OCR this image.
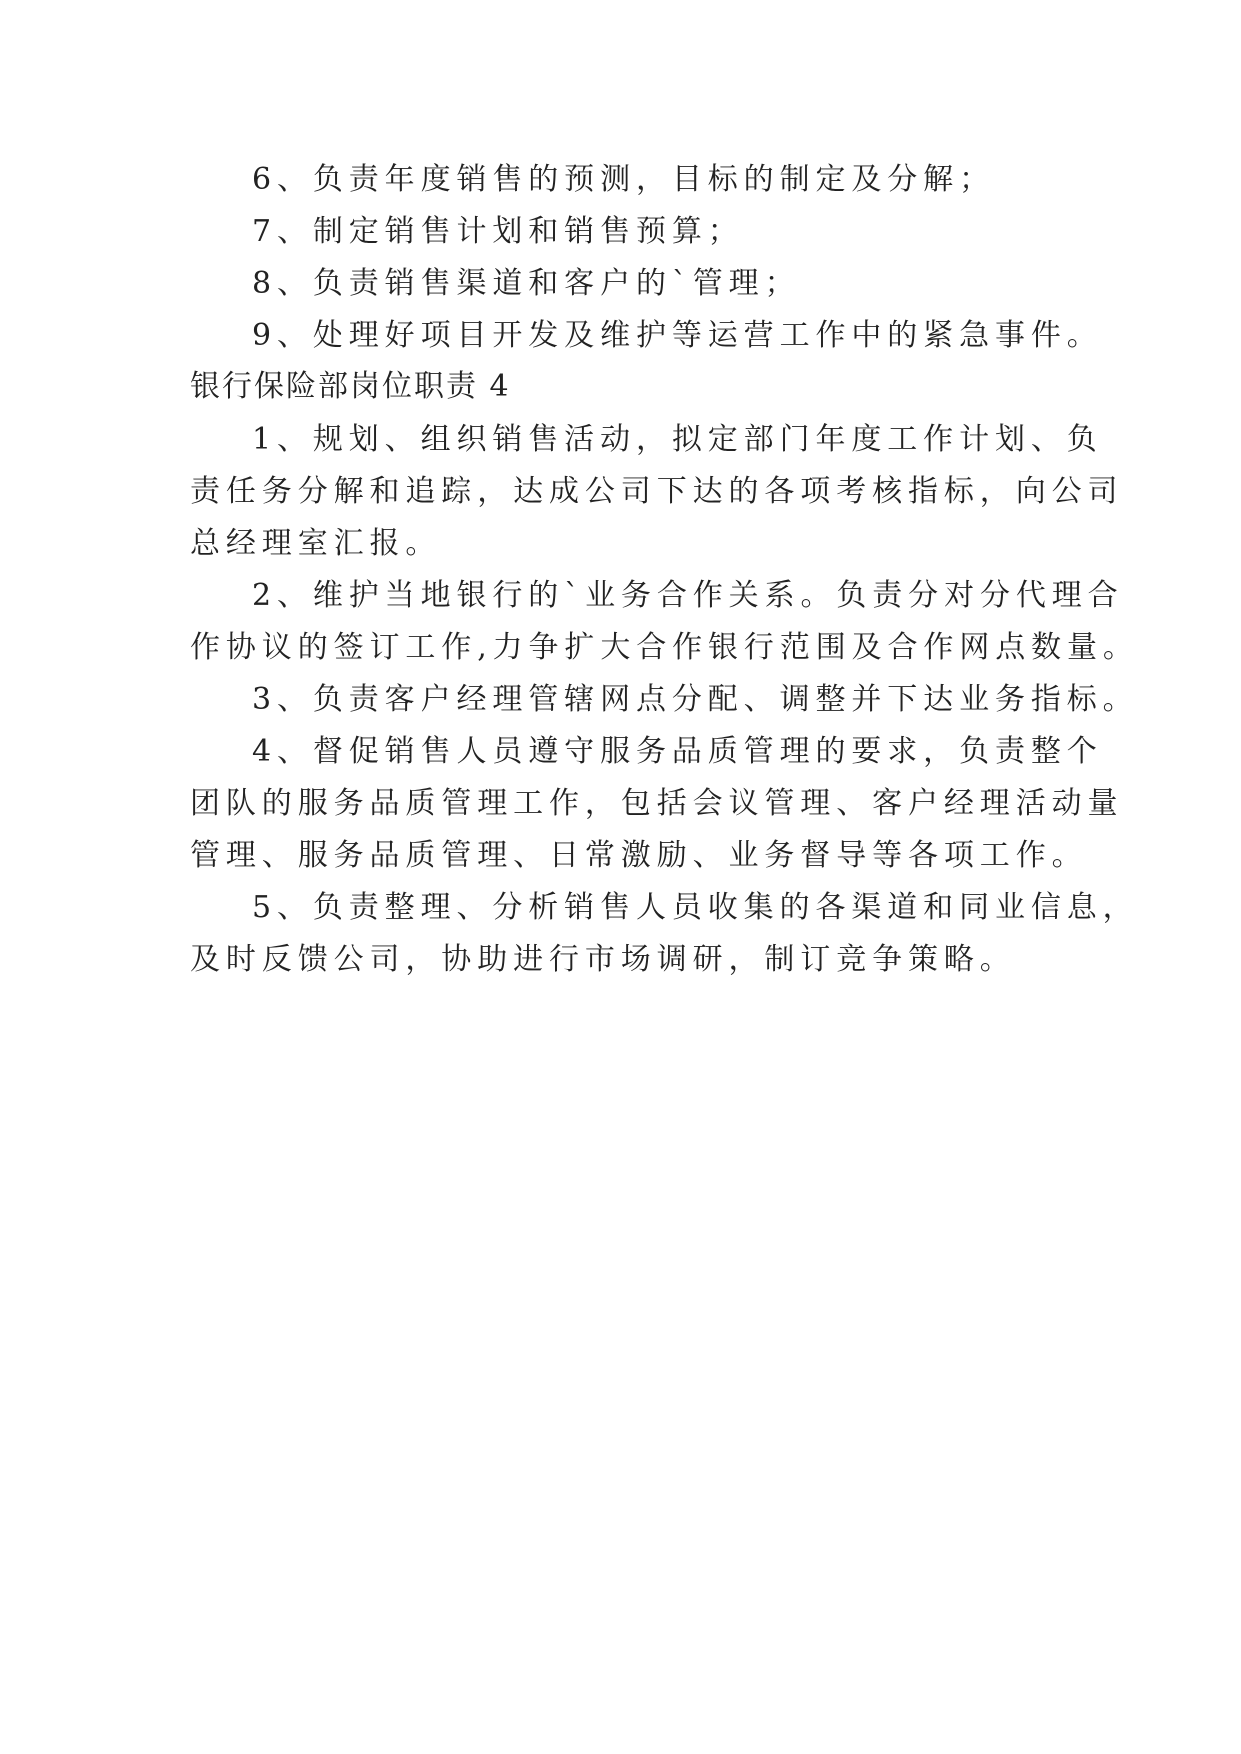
6、负责年度销售的预测，目标的制定及分解；
7、制定销售计划和销售预算；
8、负责销售渠道和客户的`管理；
9、处理好项目开发及维护等运营工作中的紧急事件。
银行保险部岗位职责 4
1、规划、组织销售活动，拟定部门年度工作计划、负
责任务分解和追踪，达成公司下达的各项考核指标，向公司
总经理室汇报。
2、维护当地银行的`业务合作关系。负责分对分代理合
作协议的签订工作,力争扩大合作银行范围及合作网点数量。
3、负责客户经理管辖网点分配、调整并下达业务指标。
4、督促销售人员遵守服务品质管理的要求，负责整个
团队的服务品质管理工作，包括会议管理、客户经理活动量
管理、服务品质管理、日常激励、业务督导等各项工作。
5、负责整理、分析销售人员收集的各渠道和同业信息，
及时反馈公司，协助进行市场调研，制订竞争策略。
